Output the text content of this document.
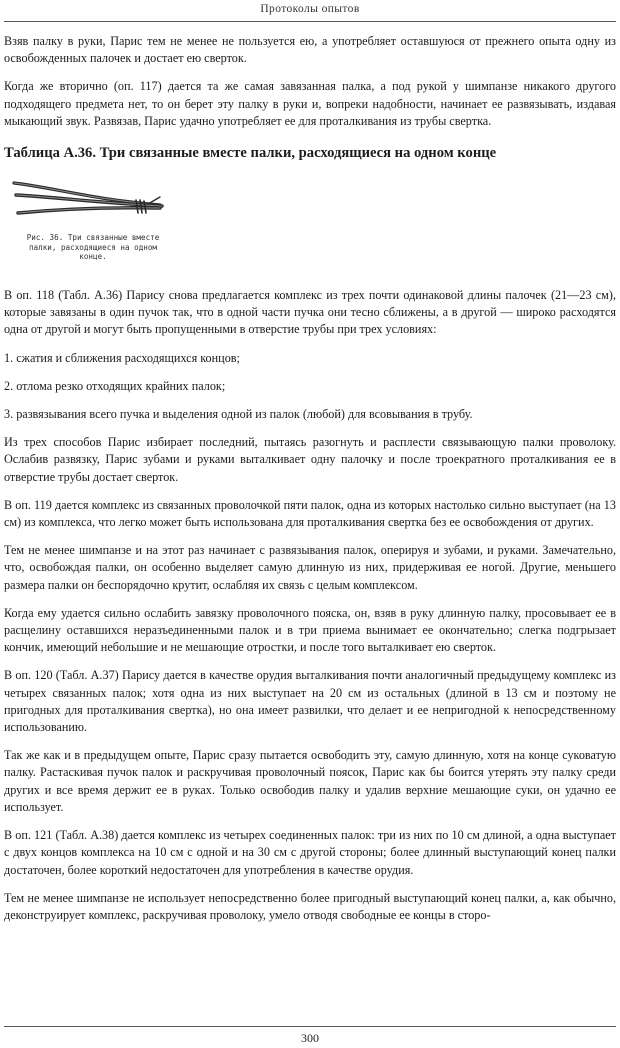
Протоколы опытов

Взяв палку в руки, Парис тем не менее не пользуется ею, а употребляет оставшуюся от прежнего опыта одну из освобожденных палочек и достает ею сверток.

Когда же вторично (оп. 117) дается та же самая завязанная палка, а под рукой у шимпанзе никакого другого подходящего предмета нет, то он берет эту палку в руки и, вопреки надобности, начинает ее развязывать, издавая мыкающий звук. Развязав, Парис удачно употребляет ее для проталкивания из трубы свертка.

Таблица А.36. Три связанные вместе палки, расходящиеся на одном конце
Рис. 36. Три связанные вместе палки, расходящиеся на одном конце.

В оп. 118 (Табл. А.36) Парису снова предлагается комплекс из трех почти одинаковой длины палочек (21—23 см), которые завязаны в один пучок так, что в одной части пучка они тесно сближены, а в другой — широко расходятся одна от другой и могут быть пропущенными в отверстие трубы при трех условиях:

1. сжатия и сближения расходящихся концов;

2. отлома резко отходящих крайних палок;

3. развязывания всего пучка и выделения одной из палок (любой) для всовывания в трубу.

Из трех способов Парис избирает последний, пытаясь разогнуть и расплести связывающую палки проволоку. Ослабив развязку, Парис зубами и руками выталкивает одну палочку и после троекратного проталкивания ее в отверстие трубы достает сверток.

В оп. 119 дается комплекс из связанных проволочкой пяти палок, одна из которых настолько сильно выступает (на 13 см) из комплекса, что легко может быть использована для проталкивания свертка без ее освобождения от других.

Тем не менее шимпанзе и на этот раз начинает с развязывания палок, оперируя и зубами, и руками. Замечательно, что, освобождая палки, он особенно выделяет самую длинную из них, придерживая ее ногой. Другие, меньшего размера палки он беспорядочно крутит, ослабляя их связь с целым комплексом.

Когда ему удается сильно ослабить завязку проволочного пояска, он, взяв в руку длинную палку, просовывает ее в расщелину оставшихся неразъединенными палок и в три приема вынимает ее окончательно; слегка подгрызает кончик, имеющий небольшие и не мешающие отростки, и после того выталкивает ею сверток.

В оп. 120 (Табл. А.37) Парису дается в качестве орудия выталкивания почти аналогичный предыдущему комплекс из четырех связанных палок; хотя одна из них выступает на 20 см из остальных (длиной в 13 см и поэтому не пригодных для проталкивания свертка), но она имеет развилки, что делает и ее непригодной к непосредственному использованию.

Так же как и в предыдущем опыте, Парис сразу пытается освободить эту, самую длинную, хотя на конце суковатую палку. Растаскивая пучок палок и раскручивая проволочный поясок, Парис как бы боится утерять эту палку среди других и все время держит ее в руках. Только освободив палку и удалив верхние мешающие суки, он удачно ее использует.

В оп. 121 (Табл. А.38) дается комплекс из четырех соединенных палок: три из них по 10 см длиной, а одна выступает с двух концов комплекса на 10 см с одной и на 30 см с другой стороны; более длинный выступающий конец палки достаточен, более короткий недостаточен для употребления в качестве орудия.

Тем не менее шимпанзе не использует непосредственно более пригодный выступающий конец палки, а, как обычно, деконструирует комплекс, раскручивая проволоку, умело отводя свободные ее концы в сторо-

300
